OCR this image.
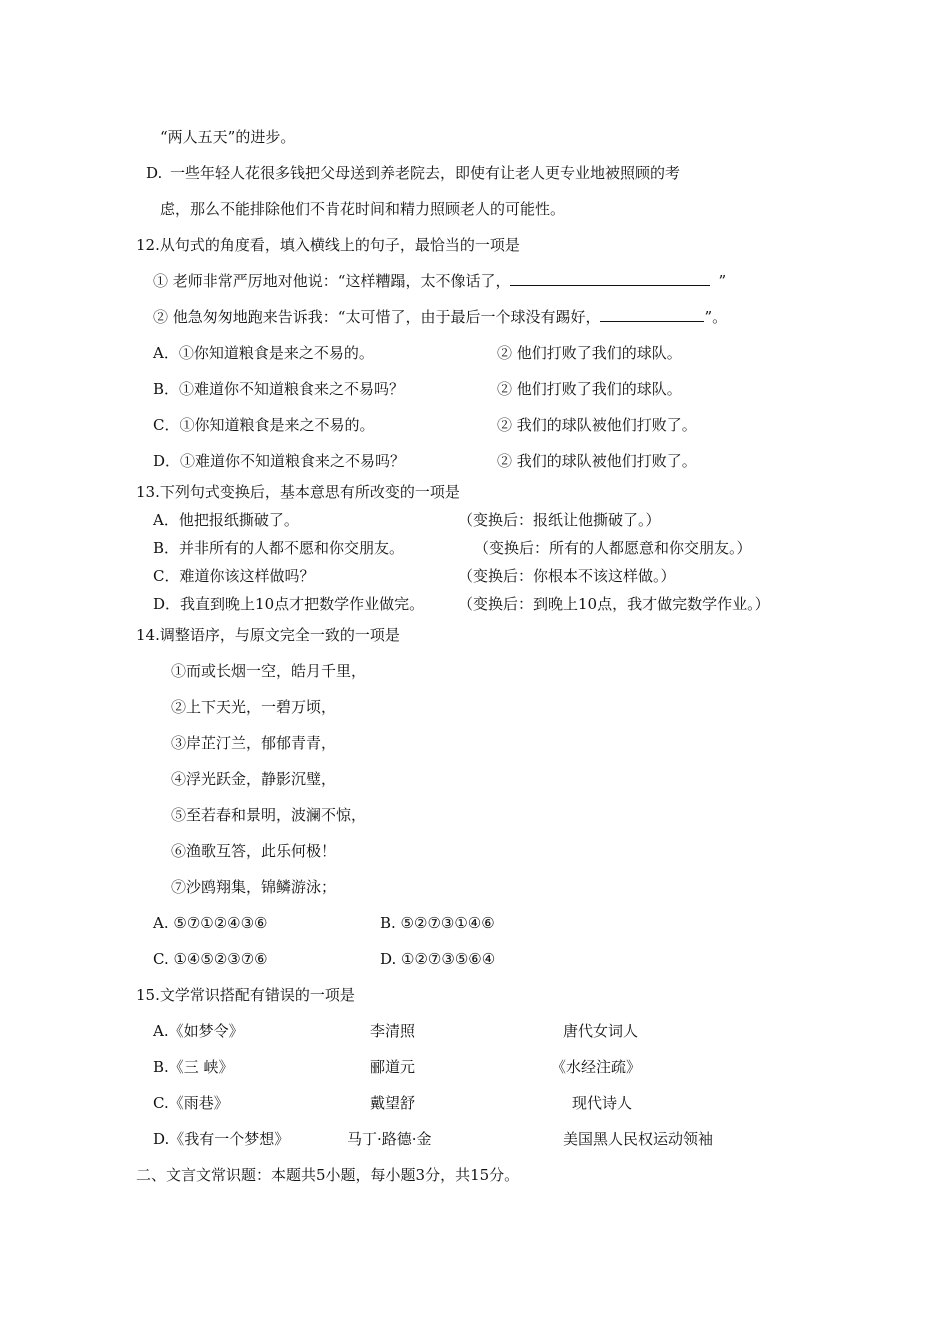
“两人五天”的进步。
D. 一些年轻人花很多钱把父母送到养老院去，即使有让老人更专业地被照顾的考
虑，那么不能排除他们不肯花时间和精力照顾老人的可能性。
12.从句式的角度看，填入横线上的句子，最恰当的一项是
① 老师非常严厉地对他说：“这样糟蹋，太不像话了，	”
② 他急匆匆地跑来告诉我：“太可惜了，由于最后一个球没有踢好，	”。
A．①你知道粮食是来之不易的。	② 他们打败了我们的球队。
B．①难道你不知道粮食来之不易吗？	② 他们打败了我们的球队。
C．①你知道粮食是来之不易的。	② 我们的球队被他们打败了。
D．①难道你不知道粮食来之不易吗？	② 我们的球队被他们打败了。
13.下列句式变换后，基本意思有所改变的一项是
A．他把报纸撕破了。	（变换后：报纸让他撕破了。）
B．并非所有的人都不愿和你交朋友。	（变换后：所有的人都愿意和你交朋友。）
C．难道你该这样做吗？	（变换后：你根本不该这样做。）
D．我直到晚上10点才把数学作业做完。 （变换后：到晚上10点，我才做完数学作业。）
14.调整语序，与原文完全一致的一项是
①而或长烟一空，皓月千里，
②上下天光，一碧万顷，
③岸芷汀兰，郁郁青青，
④浮光跃金，静影沉璧，
⑤至若春和景明，波澜不惊，
⑥渔歌互答，此乐何极！
⑦沙鸥翔集，锦鳞游泳；
A. ⑤⑦①②④③⑥	B. ⑤②⑦③①④⑥
C. ①④⑤②③⑦⑥	D. ①②⑦③⑤⑥④
15.文学常识搭配有错误的一项是
A.《如梦令》	李清照	唐代女词人
B.《三 峡》	郦道元	《水经注疏》
C.《雨巷》	戴望舒	现代诗人
D.《我有一个梦想》	马丁·路德·金	美国黑人民权运动领袖
二、文言文常识题：本题共5小题，每小题3分，共15分。
